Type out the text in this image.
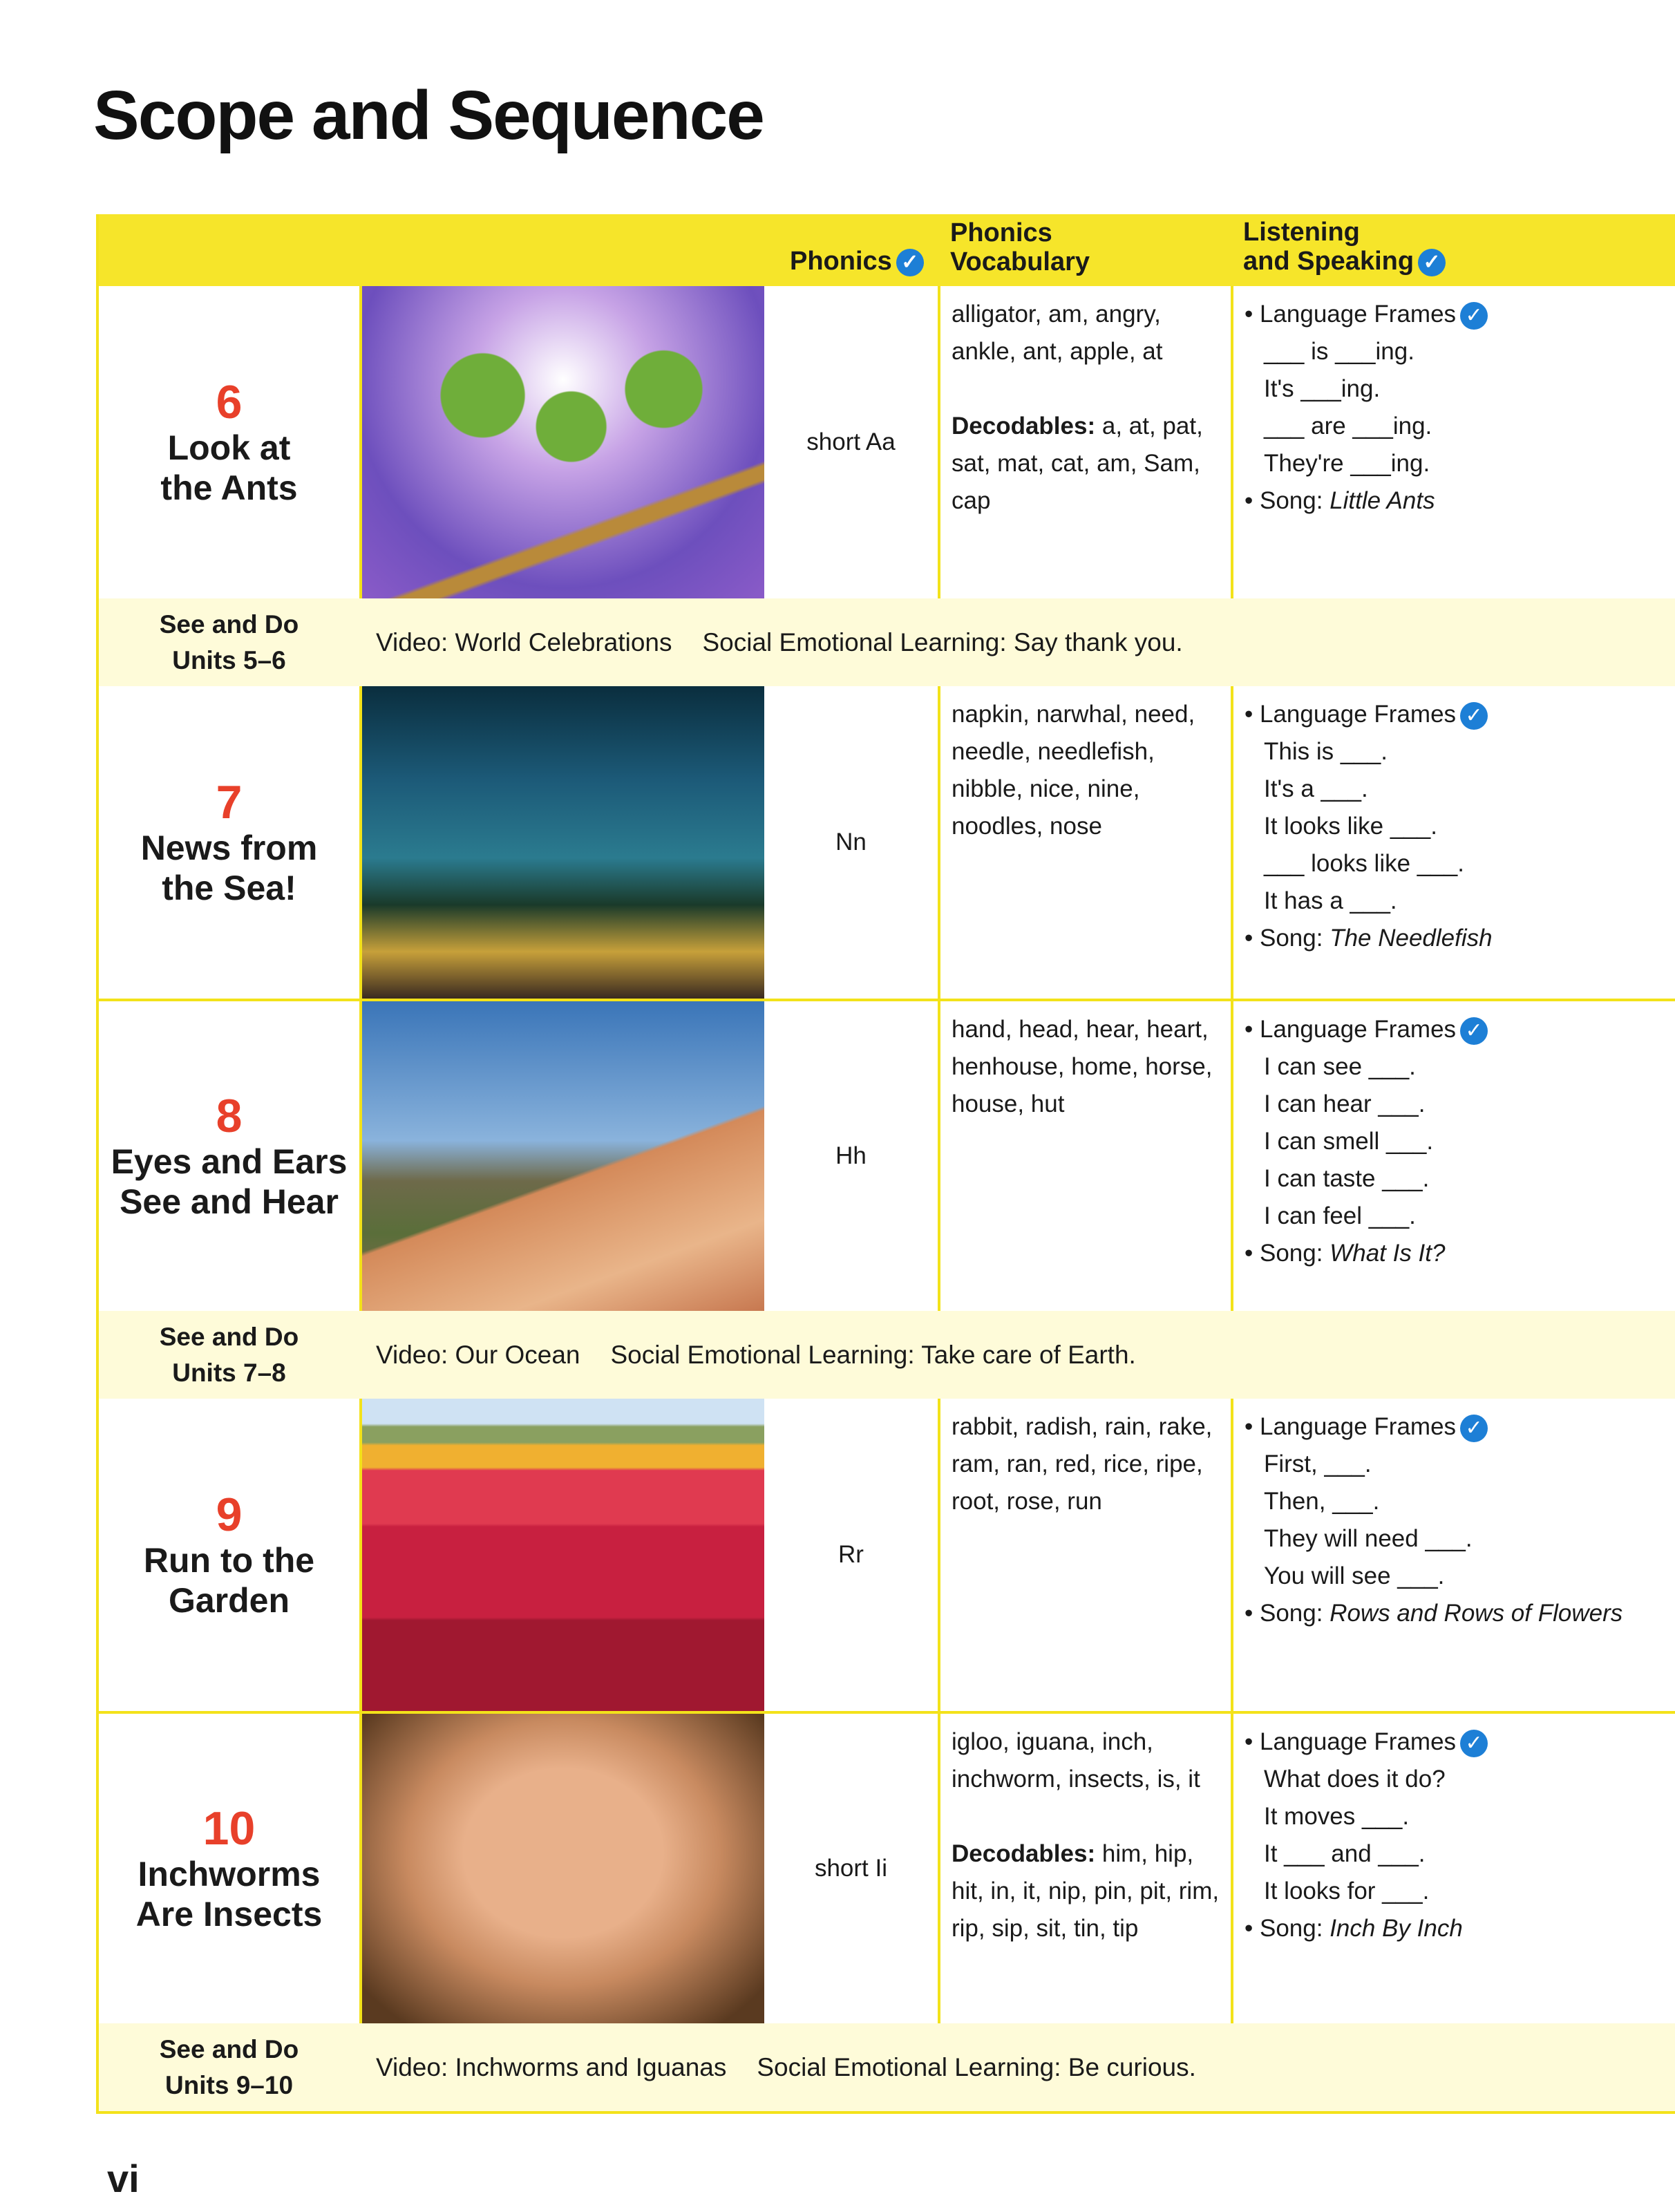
Scope and Sequence
Phonics ✓
Phonics
Vocabulary
Listening
and Speaking ✓
6
Look at
the Ants
short Aa
alligator, am, angry, ankle, ant, apple, at
Decodables: a, at, pat, sat, mat, cat, am, Sam, cap
• Language Frames ✓
___ is ___ing.
It's ___ing.
___ are ___ing.
They're ___ing.
• Song: Little Ants
See and Do
Units 5–6
Video: World Celebrations Social Emotional Learning: Say thank you.
7
News from
the Sea!
Nn
napkin, narwhal, need, needle, needlefish, nibble, nice, nine, noodles, nose
• Language Frames ✓
This is ___.
It's a ___.
It looks like ___.
___ looks like ___.
It has a ___.
• Song: The Needlefish
8
Eyes and Ears
See and Hear
Hh
hand, head, hear, heart, henhouse, home, horse, house, hut
• Language Frames ✓
I can see ___.
I can hear ___.
I can smell ___.
I can taste ___.
I can feel ___.
• Song: What Is It?
See and Do
Units 7–8
Video: Our Ocean Social Emotional Learning: Take care of Earth.
9
Run to the
Garden
Rr
rabbit, radish, rain, rake, ram, ran, red, rice, ripe, root, rose, run
• Language Frames ✓
First, ___.
Then, ___.
They will need ___.
You will see ___.
• Song: Rows and Rows of Flowers
10
Inchworms
Are Insects
short Ii
igloo, iguana, inch, inchworm, insects, is, it
Decodables: him, hip, hit, in, it, nip, pin, pit, rim, rip, sip, sit, tin, tip
• Language Frames ✓
What does it do?
It moves ___.
It ___ and ___.
It looks for ___.
• Song: Inch By Inch
See and Do
Units 9–10
Video: Inchworms and Iguanas Social Emotional Learning: Be curious.
vi
